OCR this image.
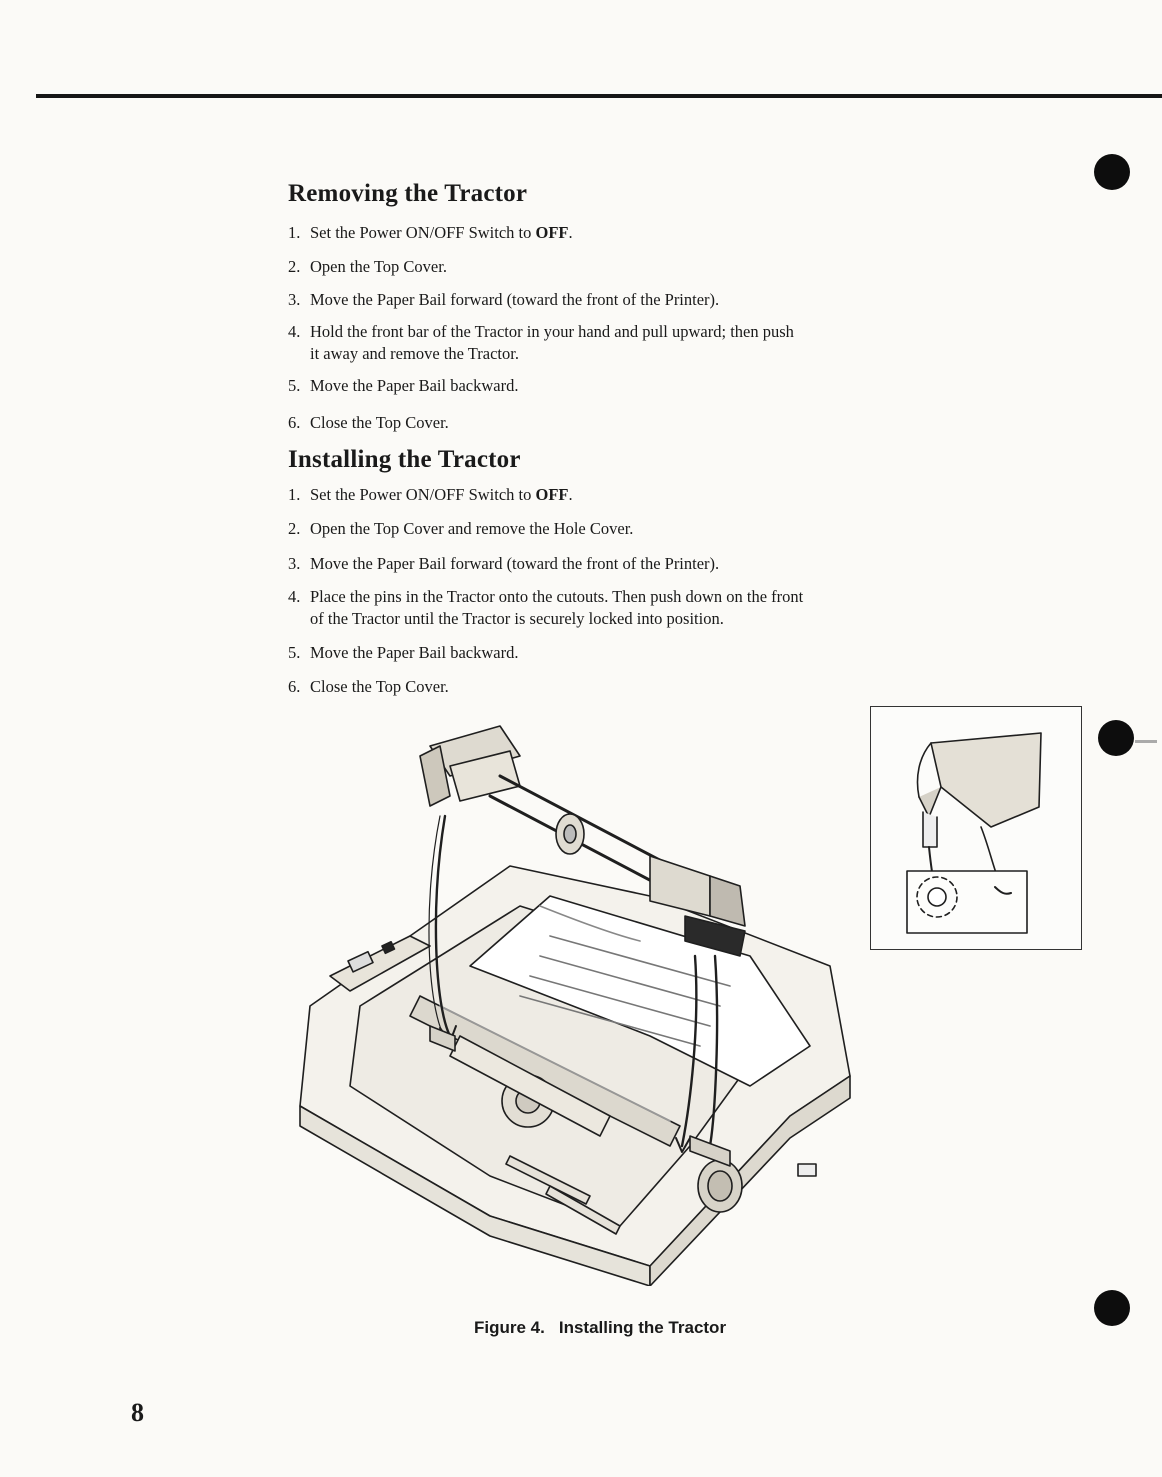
Removing the Tractor
1. Set the Power ON/OFF Switch to OFF.
2. Open the Top Cover.
3. Move the Paper Bail forward (toward the front of the Printer).
4. Hold the front bar of the Tractor in your hand and pull upward; then push
it away and remove the Tractor.
5. Move the Paper Bail backward.
6. Close the Top Cover.
Installing the Tractor
1. Set the Power ON/OFF Switch to OFF.
2. Open the Top Cover and remove the Hole Cover.
3. Move the Paper Bail forward (toward the front of the Printer).
4. Place the pins in the Tractor onto the cutouts. Then push down on the front
of the Tractor until the Tractor is securely locked into position.
5. Move the Paper Bail backward.
6. Close the Top Cover.
Figure 4. Installing the Tractor
8
